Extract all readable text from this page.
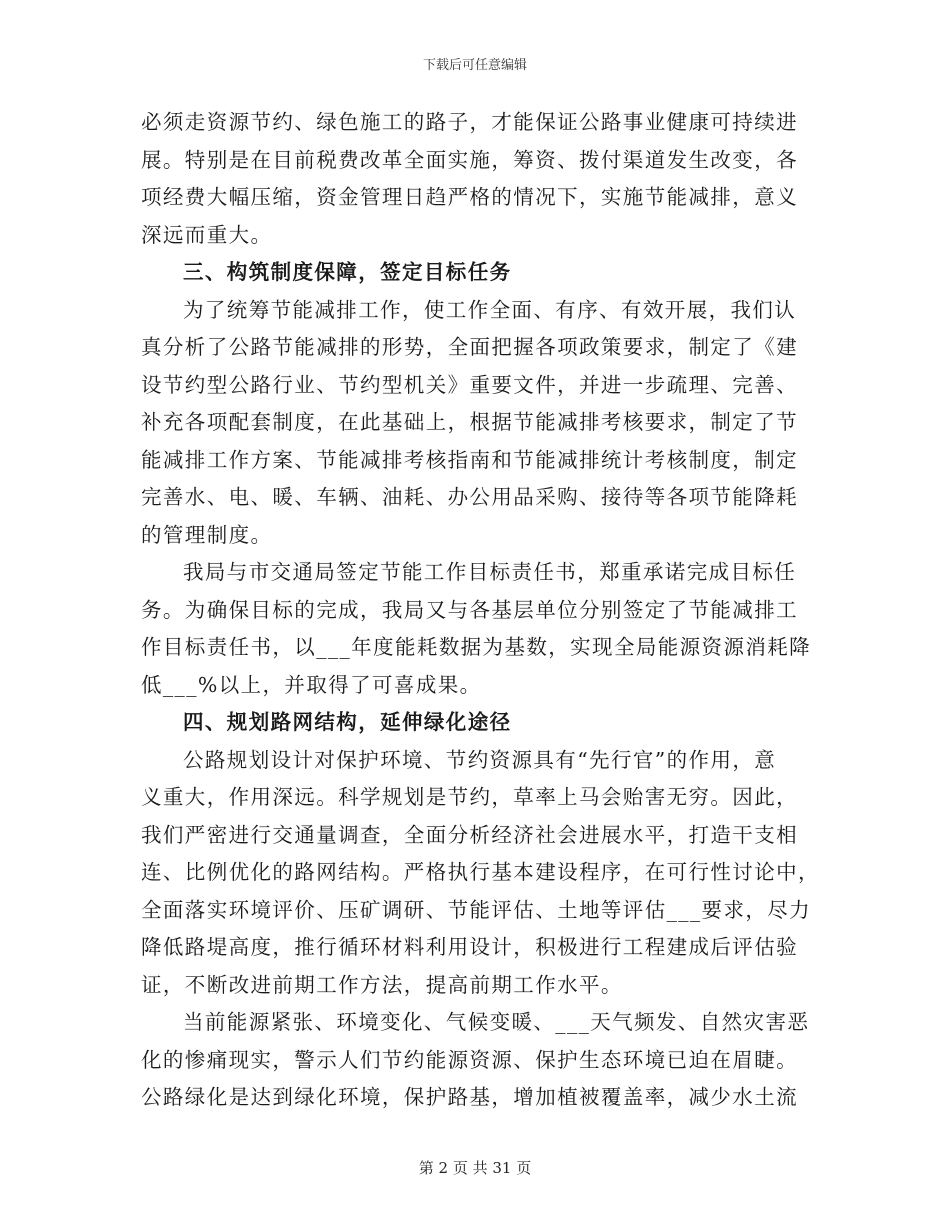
下载后可任意编辑
必须走资源节约、绿色施工的路子，才能保证公路事业健康可持续进
展。特别是在目前税费改革全面实施，筹资、拨付渠道发生改变，各
项经费大幅压缩，资金管理日趋严格的情况下，实施节能减排，意义
深远而重大。
三、构筑制度保障，签定目标任务
为了统筹节能减排工作，使工作全面、有序、有效开展，我们认
真分析了公路节能减排的形势，全面把握各项政策要求，制定了《建
设节约型公路行业、节约型机关》重要文件，并进一步疏理、完善、
补充各项配套制度，在此基础上，根据节能减排考核要求，制定了节
能减排工作方案、节能减排考核指南和节能减排统计考核制度，制定
完善水、电、暖、车辆、油耗、办公用品采购、接待等各项节能降耗
的管理制度。
我局与市交通局签定节能工作目标责任书，郑重承诺完成目标任
务。为确保目标的完成，我局又与各基层单位分别签定了节能减排工
作目标责任书，以___年度能耗数据为基数，实现全局能源资源消耗降
低___%以上，并取得了可喜成果。
四、规划路网结构，延伸绿化途径
公路规划设计对保护环境、节约资源具有“先行官”的作用，意
义重大，作用深远。科学规划是节约，草率上马会贻害无穷。因此，
我们严密进行交通量调查，全面分析经济社会进展水平，打造干支相
连、比例优化的路网结构。严格执行基本建设程序，在可行性讨论中，
全面落实环境评价、压矿调研、节能评估、土地等评估___要求，尽力
降低路堤高度，推行循环材料利用设计，积极进行工程建成后评估验
证，不断改进前期工作方法，提高前期工作水平。
当前能源紧张、环境变化、气候变暖、___天气频发、自然灾害恶
化的惨痛现实，警示人们节约能源资源、保护生态环境已迫在眉睫。
公路绿化是达到绿化环境，保护路基，增加植被覆盖率，减少水土流
第 2 页 共 31 页
